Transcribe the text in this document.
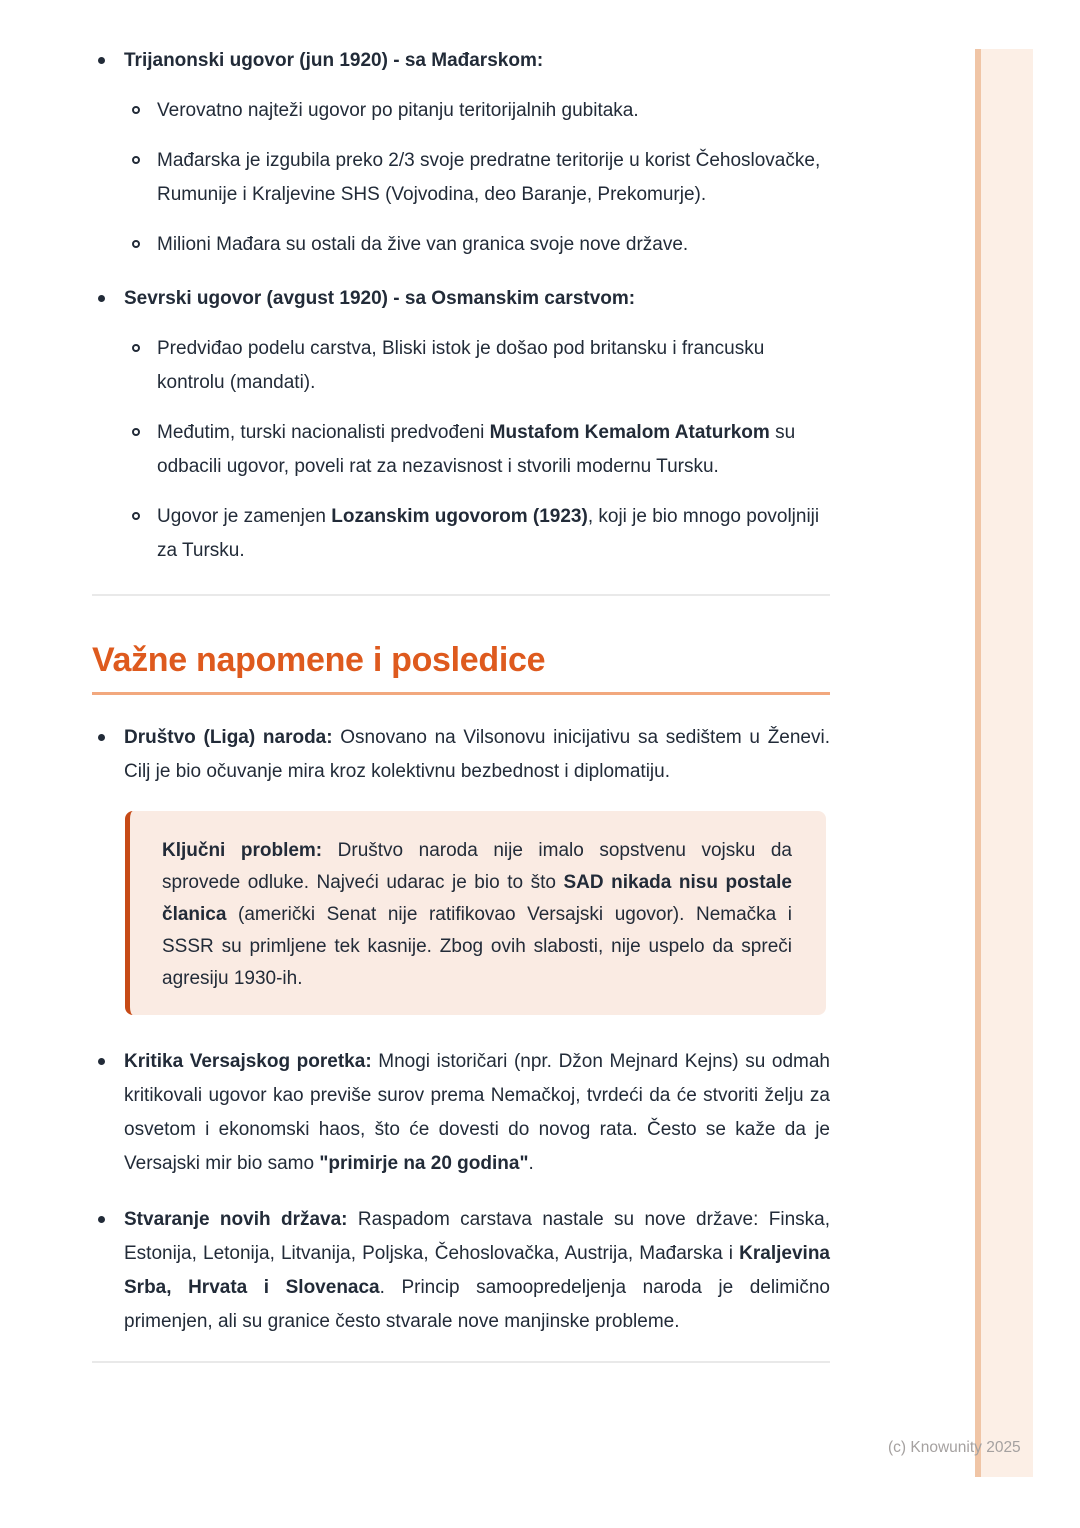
Trijanonski ugovor (jun 1920) - sa Mađarskom:

Verovatno najteži ugovor po pitanju teritorijalnih gubitaka.

Mađarska je izgubila preko 2/3 svoje predratne teritorije u korist Čehoslovačke, Rumunije i Kraljevine SHS (Vojvodina, deo Baranje, Prekomurje).

Milioni Mađara su ostali da žive van granica svoje nove države.

Sevrski ugovor (avgust 1920) - sa Osmanskim carstvom:

Predviđao podelu carstva, Bliski istok je došao pod britansku i francusku kontrolu (mandati).

Međutim, turski nacionalisti predvođeni Mustafom Kemalom Ataturkom su odbacili ugovor, poveli rat za nezavisnost i stvorili modernu Tursku.

Ugovor je zamenjen Lozanskim ugovorom (1923), koji je bio mnogo povoljniji za Tursku.

Važne napomene i posledice

Društvo (Liga) naroda: Osnovano na Vilsonovu inicijativu sa sedištem u Ženevi. Cilj je bio očuvanje mira kroz kolektivnu bezbednost i diplomatiju.

Ključni problem: Društvo naroda nije imalo sopstvenu vojsku da sprovede odluke. Najveći udarac je bio to što SAD nikada nisu postale članica (američki Senat nije ratifikovao Versajski ugovor). Nemačka i SSSR su primljene tek kasnije. Zbog ovih slabosti, nije uspelo da spreči agresiju 1930-ih.

Kritika Versajskog poretka: Mnogi istoričari (npr. Džon Mejnard Kejns) su odmah kritikovali ugovor kao previše surov prema Nemačkoj, tvrdeći da će stvoriti želju za osvetom i ekonomski haos, što će dovesti do novog rata. Često se kaže da je Versajski mir bio samo "primirje na 20 godina".

Stvaranje novih država: Raspadom carstava nastale su nove države: Finska, Estonija, Letonija, Litvanija, Poljska, Čehoslovačka, Austrija, Mađarska i Kraljevina Srba, Hrvata i Slovenaca. Princip samoopredeljenja naroda je delimično primenjen, ali su granice često stvarale nove manjinske probleme.

(c) Knowunity 2025
